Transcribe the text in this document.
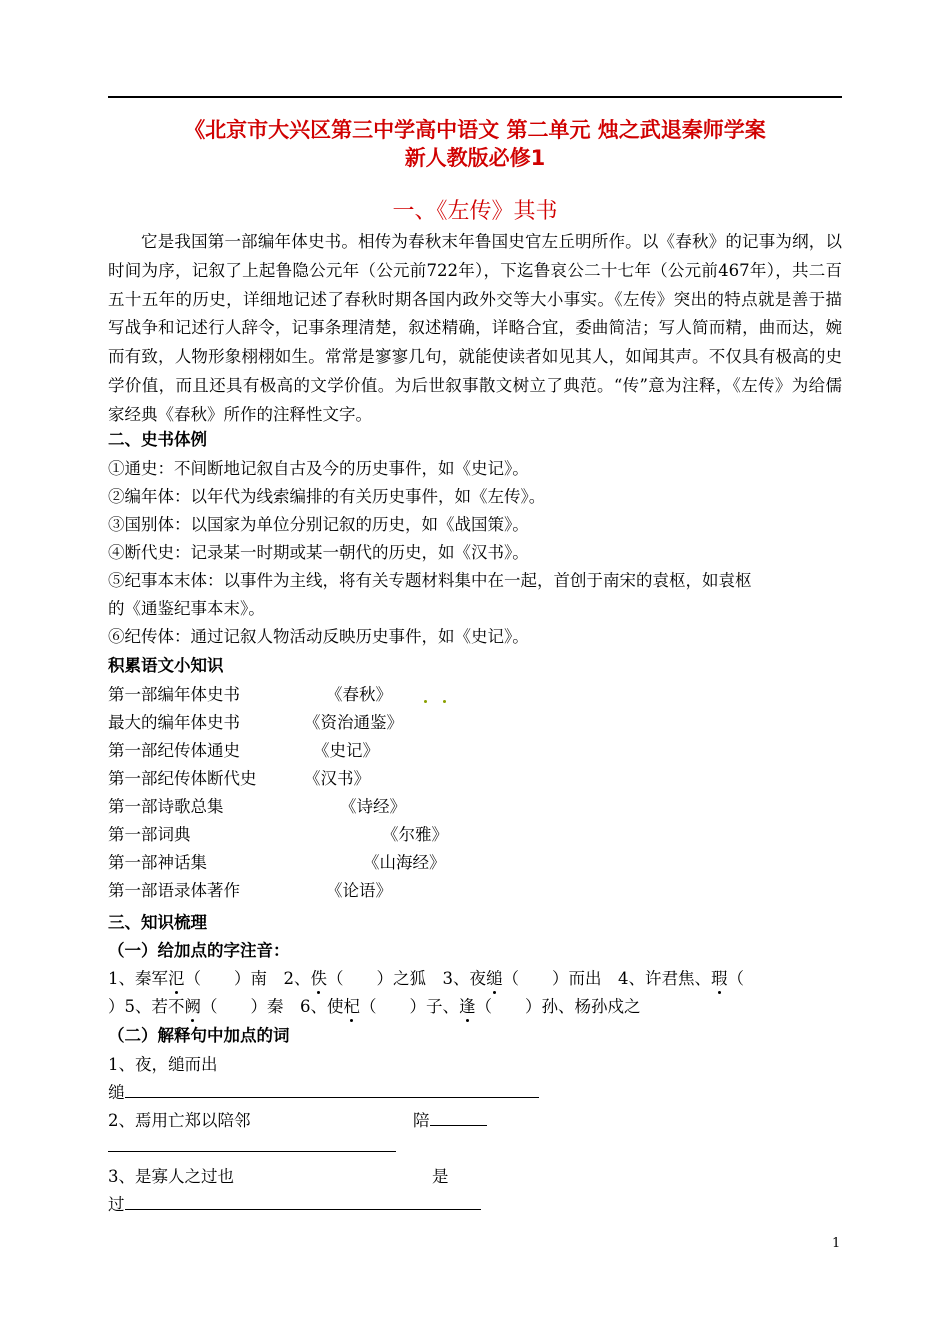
《北京市大兴区第三中学高中语文 第二单元 烛之武退秦师学案
新人教版必修1
一、《左传》其书

它是我国第一部编年体史书。相传为春秋末年鲁国史官左丘明所作。以《春秋》的记事为纲，以时间为序，记叙了上起鲁隐公元年（公元前722年），下迄鲁哀公二十七年（公元前467年），共二百五十五年的历史，详细地记述了春秋时期各国内政外交等大小事实。《左传》突出的特点就是善于描写战争和记述行人辞令，记事条理清楚，叙述精确，详略合宜，委曲简洁；写人简而精，曲而达，婉而有致，人物形象栩栩如生。常常是寥寥几句，就能使读者如见其人，如闻其声。不仅具有极高的史学价值，而且还具有极高的文学价值。为后世叙事散文树立了典范。“传”意为注释，《左传》为给儒家经典《春秋》所作的注释性文字。

二、史书体例
①通史：不间断地记叙自古及今的历史事件，如《史记》。
②编年体：以年代为线索编排的有关历史事件，如《左传》。
③国别体：以国家为单位分别记叙的历史，如《战国策》。
④断代史：记录某一时期或某一朝代的历史，如《汉书》。
⑤纪事本末体：以事件为主线，将有关专题材料集中在一起，首创于南宋的袁枢，如袁枢
的《通鉴纪事本末》。
⑥纪传体：通过记叙人物活动反映历史事件，如《史记》。
积累语文小知识
第一部编年体史书	《春秋》
最大的编年体史书	《资治通鉴》
第一部纪传体通史	《史记》
第一部纪传体断代史	《汉书》
第一部诗歌总集	《诗经》
第一部词典	《尔雅》
第一部神话集	《山海经》
第一部语录体著作	《论语》
三、知识梳理
（一）给加点的字注音：
1、秦军氾（　　）南　2、佚（　　）之狐　3、夜缒（　　）而出　4、许君焦、瑕（
）5、若不阙（　　）秦　6、使杞（　　）子、逢（　　）孙、杨孙戍之
（二）解释句中加点的词
1、夜，缒而出
缒
2、焉用亡郑以陪邻	陪
3、是寡人之过也	是
过
1
